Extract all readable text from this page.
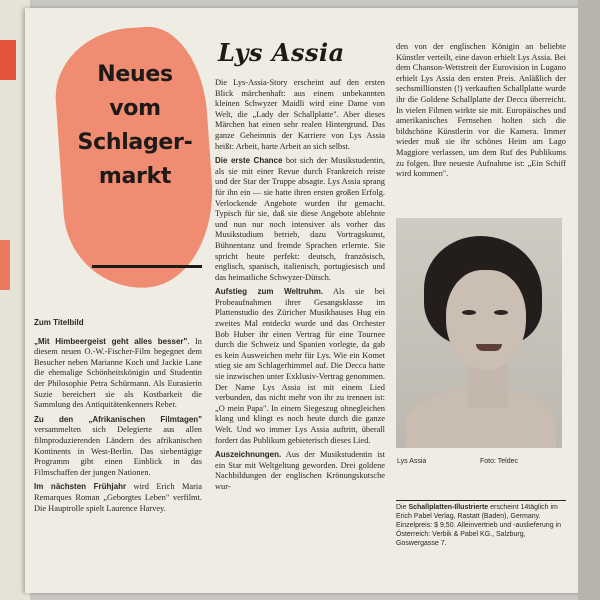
Neues
vom
Schlager-
markt
Zum Titelbild

„Mit Himbeergeist geht alles besser". In diesem neuen O.-W.-Fischer-Film begegnet dem Besucher neben Marianne Koch und Jackie Lane die ehemalige Schönheitskönigin und Studentin der Philosophie Petra Schürmann. Als Eurasierin Suzie bereichert sie als Kostbarkeit die Sammlung des Antiquitätenkenners Reber.

Zu den „Afrikanischen Filmtagen" versammelten sich Delegierte aus allen filmproduzierenden Ländern des afrikanischen Kontinents in West-Berlin. Das siebentägige Programm gibt einen Einblick in das Filmschaffen der jungen Nationen.

Im nächsten Frühjahr wird Erich Maria Remarques Roman „Geborgtes Leben" verfilmt. Die Hauptrolle spielt Laurence Harvey.

Lys Assia

Die Lys-Assia-Story erscheint auf den ersten Blick märchenhaft: aus einem unbekannten kleinen Schwyzer Maidli wird eine Dame von Welt, die „Lady der Schallplatte". Aber dieses Märchen hat einen sehr realen Hintergrund. Das ganze Geheimnis der Karriere von Lys Assia heißt: Arbeit, harte Arbeit an sich selbst.

Die erste Chance bot sich der Musikstudentin, als sie mit einer Revue durch Frankreich reiste und der Star der Truppe absagte. Lys Assia sprang für ihn ein — sie hatte ihren ersten großen Erfolg. Verlockende Angebote wurden ihr gemacht. Typisch für sie, daß sie diese Angebote ablehnte und nun nur noch intensiver als vorher das Musikstudium betrieb, dazu Vortragskunst, Bühnentanz und fremde Sprachen erlernte. Sie spricht heute perfekt: deutsch, französisch, englisch, spanisch, italienisch, portugiesisch und das heimatliche Schwyzer-Dütsch.

Aufstieg zum Weltruhm. Als sie bei Probeaufnahmen ihrer Gesangsklasse im Plattenstudio des Züricher Musikhauses Hug ein zweites Mal entdeckt wurde und das Orchester Bob Huber ihr einen Vertrag für eine Tournee durch die Schweiz und Spanien vorlegte, da gab es kein Ausweichen mehr für Lys. Wie ein Komet stieg sie am Schlagerhimmel auf. Die Decca hatte sie inzwischen unter Exklusiv-Vertrag genommen. Der Name Lys Assia ist mit einem Lied verbunden, das nicht mehr von ihr zu trennen ist: „O mein Papa". In einem Siegeszug ohnegleichen klang und klingt es noch heute durch die ganze Welt. Und wo immer Lys Assia auftritt, überall fordert das Publikum gebieterisch dieses Lied.

Auszeichnungen. Aus der Musikstudentin ist ein Star mit Weltgeltung geworden. Drei goldene Nachbildungen der englischen Krönungskutsche wur-

den von der englischen Königin an beliebte Künstler verteilt, eine davon erhielt Lys Assia. Bei dem Chanson-Wettstreit der Eurovision in Lugano erhielt Lys Assia den ersten Preis. Anläßlich der sechsmillionsten (!) verkauften Schallplatte wurde ihr die Goldene Schallplatte der Decca überreicht. In vielen Filmen wirkte sie mit. Europäisches und amerikanisches Fernsehen holten sich die bildschöne Künstlerin vor die Kamera. Immer wieder muß sie ihr schönes Heim am Lago Maggiore verlassen, um dem Ruf des Publikums zu folgen. Ihre neueste Aufnahme ist: „Ein Schiff wird kommen".

Lys Assia	Foto: Teldec
Die Schallplatten-Illustrierte erscheint 14täglich im Erich Pabel Verlag, Rastatt (Baden), Germany. Einzelpreis: $ 9,50. Alleinvertrieb und -auslieferung in Österreich: Verbik & Pabel KG., Salzburg, Goswergasse 7.
